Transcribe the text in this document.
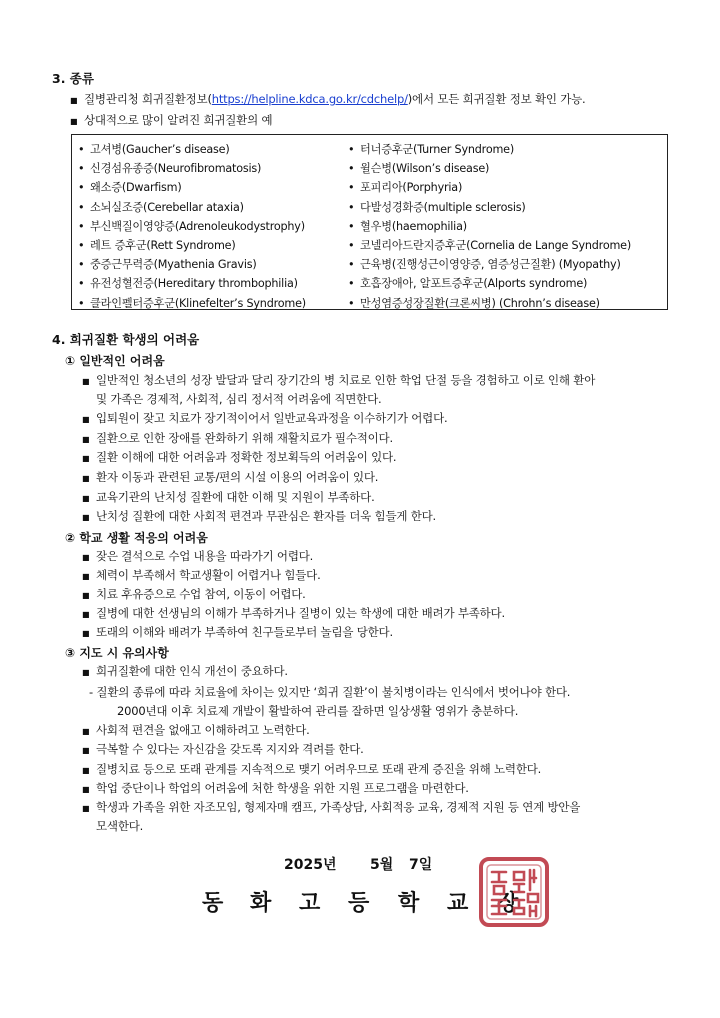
3. 종류
■ 질병관리청 희귀질환정보(https://helpline.kdca.go.kr/cdchelp/)에서 모든 희귀질환 정보 확인 가능.
■ 상대적으로 많이 알려진 희귀질환의 예
• 고셔병(Gaucher’s disease)
• 신경섬유종증(Neurofibromatosis)
• 왜소증(Dwarfism)
• 소뇌실조증(Cerebellar ataxia)
• 부신백질이영양증(Adrenoleukodystrophy)
• 레트 증후군(Rett Syndrome)
• 중증근무력증(Myathenia Gravis)
• 유전성혈전증(Hereditary thrombophilia)
• 클라인펠터증후군(Klinefelter’s Syndrome)
• 터너증후군(Turner Syndrome)
• 윌슨병(Wilson’s disease)
• 포피리아(Porphyria)
• 다발성경화증(multiple sclerosis)
• 혈우병(haemophilia)
• 코넬리아드란지증후군(Cornelia de Lange Syndrome)
• 근육병(진행성근이영양증, 염증성근질환) (Myopathy)
• 호흡장애아, 알포트증후군(Alports syndrome)
• 만성염증성장질환(크론씨병) (Chrohn’s disease)
4. 희귀질환 학생의 어려움
① 일반적인 어려움
■ 일반적인 청소년의 성장 발달과 달리 장기간의 병 치료로 인한 학업 단절 등을 경험하고 이로 인해 환아
■ 입퇴원이 잦고 치료가 장기적이어서 일반교육과정을 이수하기가 어렵다.
■ 질환으로 인한 장애를 완화하기 위해 재활치료가 필수적이다.
■ 질환 이해에 대한 어려움과 정확한 정보획득의 어려움이 있다.
■ 환자 이동과 관련된 교통/편의 시설 이용의 어려움이 있다.
■ 교육기관의 난치성 질환에 대한 이해 및 지원이 부족하다.
■ 난치성 질환에 대한 사회적 편견과 무관심은 환자를 더욱 힘들게 한다.
및 가족은 경제적, 사회적, 심리 정서적 어려움에 직면한다.
② 학교 생활 적응의 어려움
■ 잦은 결석으로 수업 내용을 따라가기 어렵다.
■ 체력이 부족해서 학교생활이 어렵거나 힘들다.
■ 치료 후유증으로 수업 참여, 이동이 어렵다.
■ 질병에 대한 선생님의 이해가 부족하거나 질병이 있는 학생에 대한 배려가 부족하다.
■ 또래의 이해와 배려가 부족하여 친구들로부터 놀림을 당한다.
③ 지도 시 유의사항
■ 희귀질환에 대한 인식 개선이 중요하다.
■ 사회적 편견을 없애고 이해하려고 노력한다.
■ 극복할 수 있다는 자신감을 갖도록 지지와 격려를 한다.
■ 질병치료 등으로 또래 관계를 지속적으로 맺기 어려우므로 또래 관계 증진을 위해 노력한다.
■ 학업 중단이나 학업의 어려움에 처한 학생을 위한 지원 프로그램을 마련한다.
■ 학생과 가족을 위한 자조모임, 형제자매 캠프, 가족상담, 사회적응 교육, 경제적 지원 등 연계 방안을
- 질환의 종류에 따라 치료율에 차이는 있지만 ‘희귀 질환’이 불치병이라는 인식에서 벗어나야 한다.
2000년대 이후 치료제 개발이 활발하여 관리를 잘하면 일상생활 영위가 충분하다.
모색한다.
2025년 5월 7일
동 화 고 등 학 교 장
